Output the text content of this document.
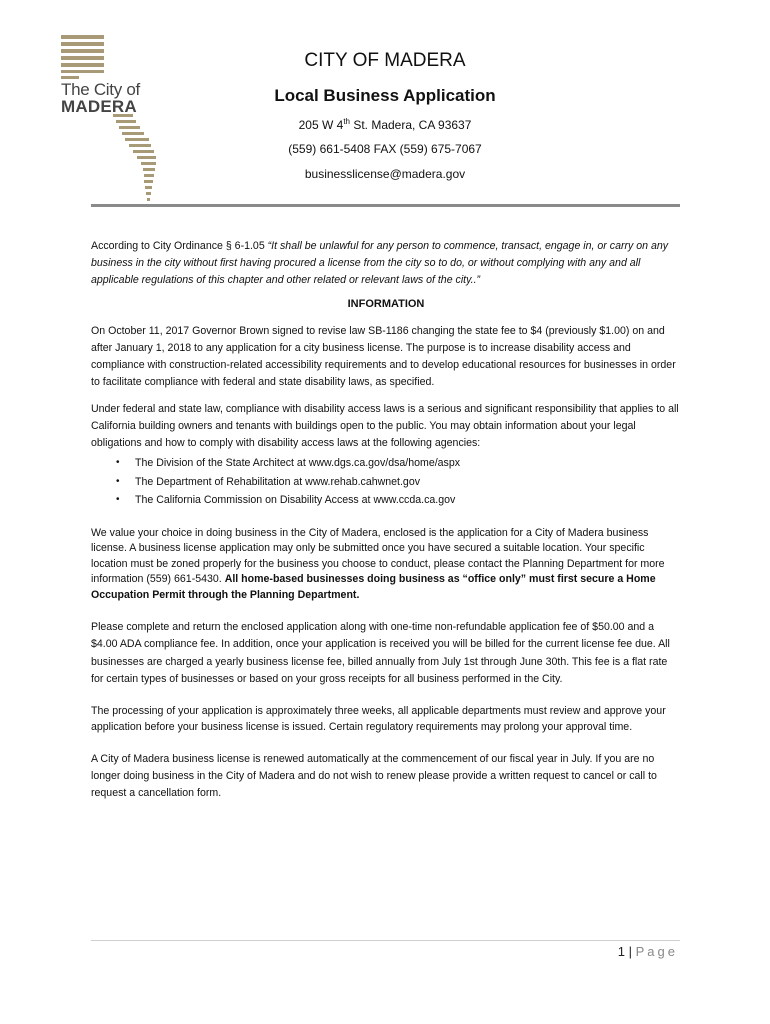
The City of
MADERA
CITY OF MADERA
Local Business Application
205 W 4th St. Madera, CA 93637
(559) 661-5408 FAX (559) 675-7067
businesslicense@madera.gov

According to City Ordinance § 6-1.05 “It shall be unlawful for any person to commence, transact, engage in, or carry on any business in the city without first having procured a license from the city so to do, or without complying with any and all applicable regulations of this chapter and other related or relevant laws of the city..”

INFORMATION

On October 11, 2017 Governor Brown signed to revise law SB-1186 changing the state fee to $4 (previously $1.00) on and after January 1, 2018 to any application for a city business license. The purpose is to increase disability access and compliance with construction-related accessibility requirements and to develop educational resources for businesses in order to facilitate compliance with federal and state disability laws, as specified.

Under federal and state law, compliance with disability access laws is a serious and significant responsibility that applies to all California building owners and tenants with buildings open to the public. You may obtain information about your legal obligations and how to comply with disability access laws at the following agencies:

• The Division of the State Architect at www.dgs.ca.gov/dsa/home/aspx
• The Department of Rehabilitation at www.rehab.cahwnet.gov
• The California Commission on Disability Access at www.ccda.ca.gov

We value your choice in doing business in the City of Madera, enclosed is the application for a City of Madera business license. A business license application may only be submitted once you have secured a suitable location. Your specific location must be zoned properly for the business you choose to conduct, please contact the Planning Department for more information (559) 661-5430. All home-based businesses doing business as “office only” must first secure a Home Occupation Permit through the Planning Department.

Please complete and return the enclosed application along with one-time non-refundable application fee of $50.00 and a $4.00 ADA compliance fee. In addition, once your application is received you will be billed for the current license fee due. All businesses are charged a yearly business license fee, billed annually from July 1st through June 30th. This fee is a flat rate for certain types of businesses or based on your gross receipts for all business performed in the City.

The processing of your application is approximately three weeks, all applicable departments must review and approve your application before your business license is issued. Certain regulatory requirements may prolong your approval time.

A City of Madera business license is renewed automatically at the commencement of our fiscal year in July. If you are no longer doing business in the City of Madera and do not wish to renew please provide a written request to cancel or call to request a cancellation form.

1 | Page
